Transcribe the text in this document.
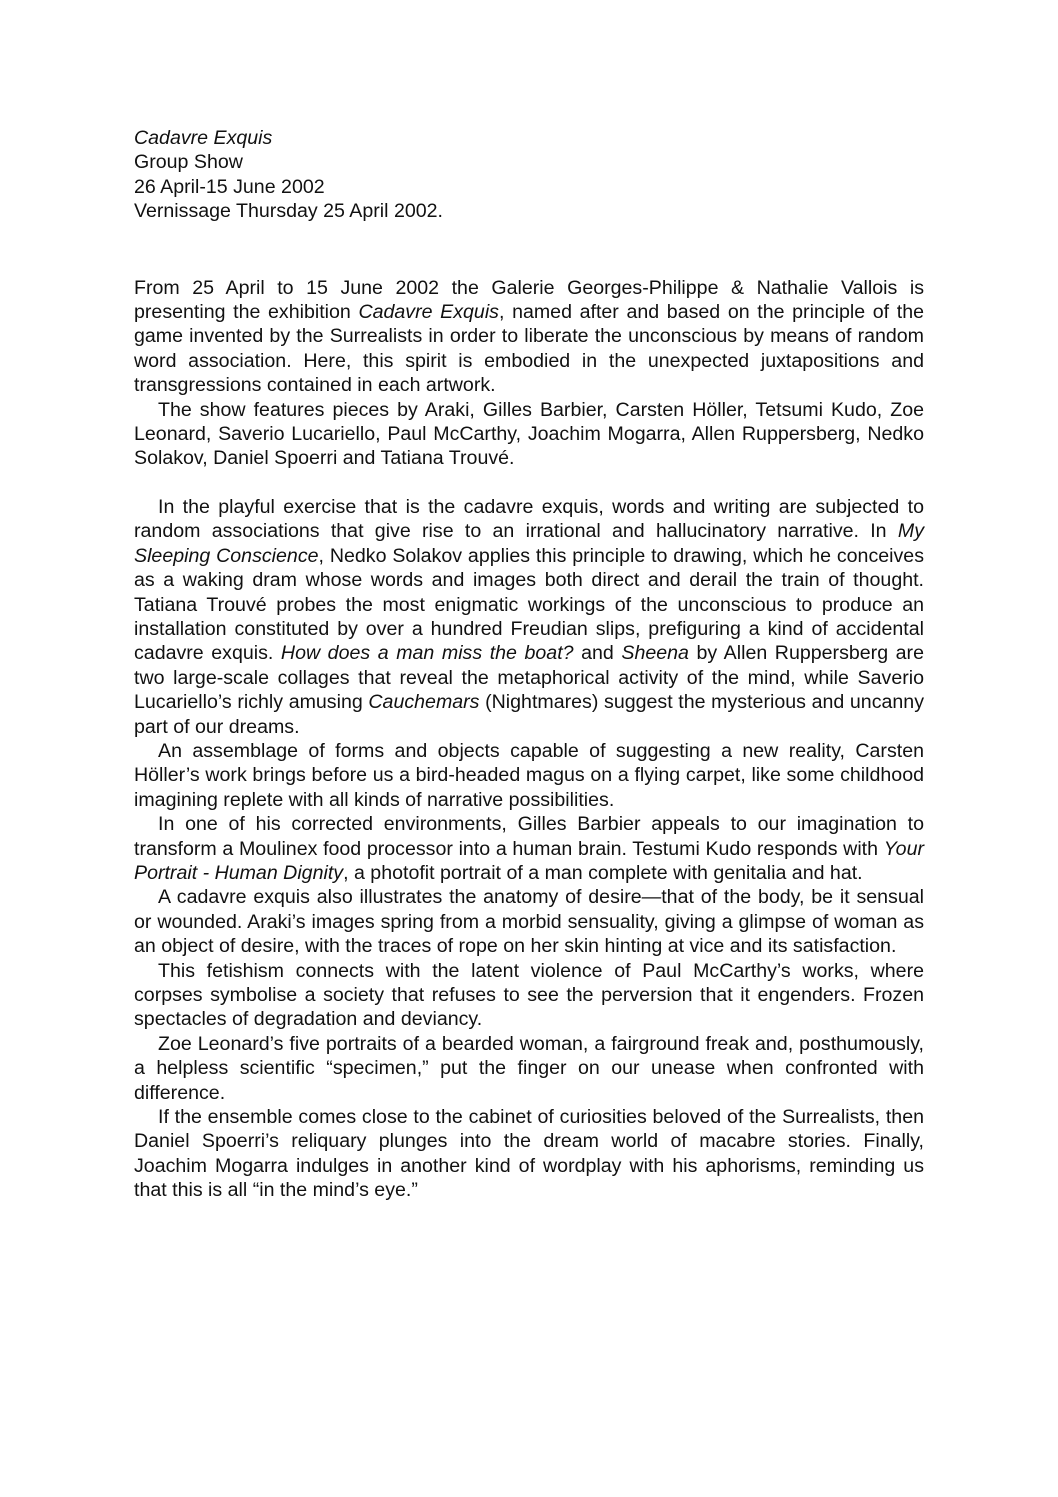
Cadavre Exquis
Group Show
26 April-15 June 2002
Vernissage Thursday 25 April 2002.

From 25 April to 15 June 2002 the Galerie Georges-Philippe & Nathalie Vallois is presenting the exhibition Cadavre Exquis, named after and based on the principle of the game invented by the Surrealists in order to liberate the unconscious by means of random word association. Here, this spirit is embodied in the unexpected juxtapositions and transgressions contained in each artwork.

The show features pieces by Araki, Gilles Barbier, Carsten Höller, Tetsumi Kudo, Zoe Leonard, Saverio Lucariello, Paul McCarthy, Joachim Mogarra, Allen Ruppersberg, Nedko Solakov, Daniel Spoerri and Tatiana Trouvé.

In the playful exercise that is the cadavre exquis, words and writing are subjected to random associations that give rise to an irrational and hallucinatory narrative. In My Sleeping Conscience, Nedko Solakov applies this principle to drawing, which he conceives as a waking dram whose words and images both direct and derail the train of thought. Tatiana Trouvé probes the most enigmatic workings of the unconscious to produce an installation constituted by over a hundred Freudian slips, prefiguring a kind of accidental cadavre exquis. How does a man miss the boat? and Sheena by Allen Ruppersberg are two large-scale collages that reveal the metaphorical activity of the mind, while Saverio Lucariello’s richly amusing Cauchemars (Nightmares) suggest the mysterious and uncanny part of our dreams.

An assemblage of forms and objects capable of suggesting a new reality, Carsten Höller’s work brings before us a bird-headed magus on a flying carpet, like some childhood imagining replete with all kinds of narrative possibilities.

In one of his corrected environments, Gilles Barbier appeals to our imagination to transform a Moulinex food processor into a human brain. Testumi Kudo responds with Your Portrait - Human Dignity, a photofit portrait of a man complete with genitalia and hat.

A cadavre exquis also illustrates the anatomy of desire—that of the body, be it sensual or wounded. Araki’s images spring from a morbid sensuality, giving a glimpse of woman as an object of desire, with the traces of rope on her skin hinting at vice and its satisfaction.

This fetishism connects with the latent violence of Paul McCarthy’s works, where corpses symbolise a society that refuses to see the perversion that it engenders. Frozen spectacles of degradation and deviancy.

Zoe Leonard’s five portraits of a bearded woman, a fairground freak and, posthumously, a helpless scientific “specimen,” put the finger on our unease when confronted with difference.

If the ensemble comes close to the cabinet of curiosities beloved of the Surrealists, then Daniel Spoerri’s reliquary plunges into the dream world of macabre stories. Finally, Joachim Mogarra indulges in another kind of wordplay with his aphorisms, reminding us that this is all “in the mind’s eye.”
